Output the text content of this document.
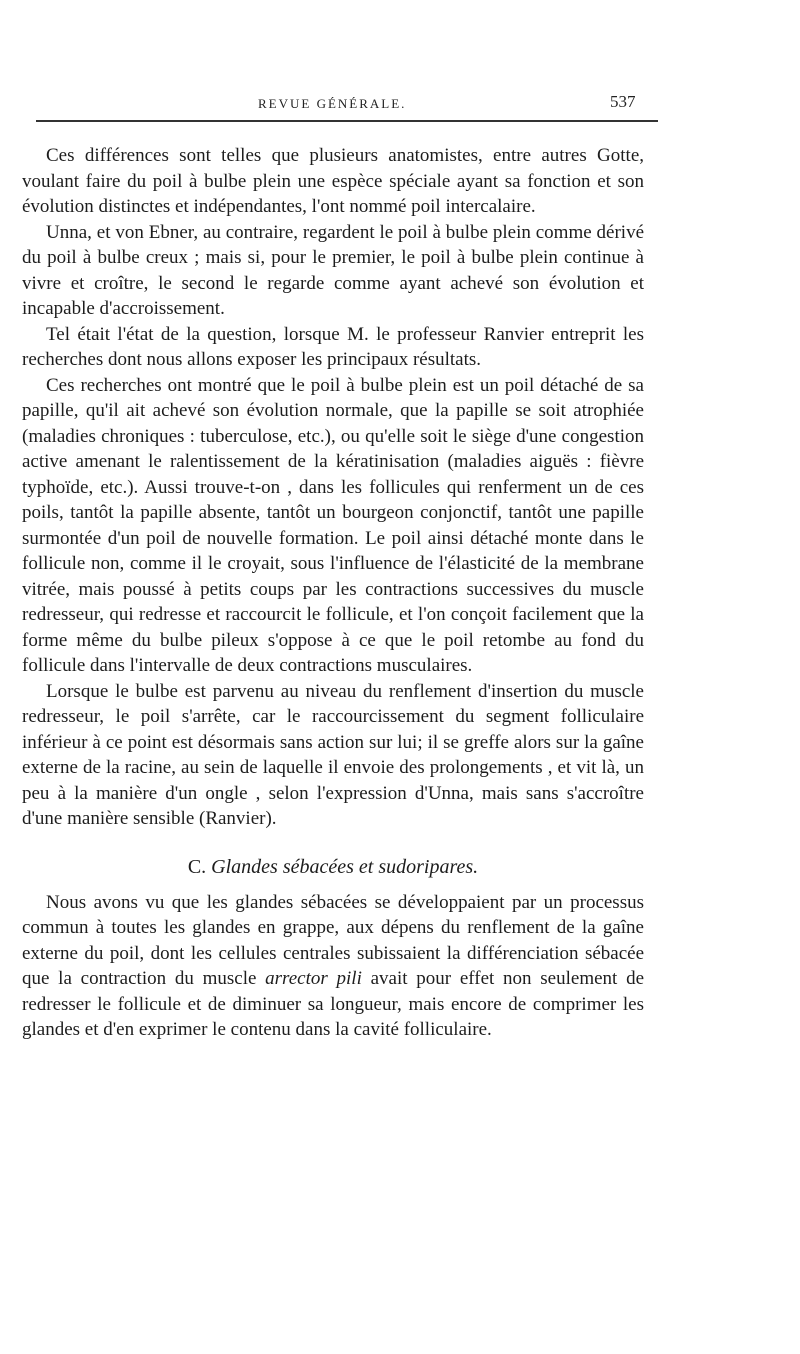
REVUE GÉNÉRALE.	537

Ces différences sont telles que plusieurs anatomistes, entre autres Gotte, voulant faire du poil à bulbe plein une espèce spéciale ayant sa fonction et son évolution distinctes et indépendantes, l'ont nommé poil intercalaire.

Unna, et von Ebner, au contraire, regardent le poil à bulbe plein comme dérivé du poil à bulbe creux ; mais si, pour le premier, le poil à bulbe plein continue à vivre et croître, le second le regarde comme ayant achevé son évolution et incapable d'accroissement.

Tel était l'état de la question, lorsque M. le professeur Ranvier entreprit les recherches dont nous allons exposer les principaux résultats.

Ces recherches ont montré que le poil à bulbe plein est un poil détaché de sa papille, qu'il ait achevé son évolution normale, que la papille se soit atrophiée (maladies chroniques : tuberculose, etc.), ou qu'elle soit le siège d'une congestion active amenant le ralentissement de la kératinisation (maladies aiguës : fièvre typhoïde, etc.). Aussi trouve-t-on , dans les follicules qui renferment un de ces poils, tantôt la papille absente, tantôt un bourgeon conjonctif, tantôt une papille surmontée d'un poil de nouvelle formation. Le poil ainsi détaché monte dans le follicule non, comme il le croyait, sous l'influence de l'élasticité de la membrane vitrée, mais poussé à petits coups par les contractions successives du muscle redresseur, qui redresse et raccourcit le follicule, et l'on conçoit facilement que la forme même du bulbe pileux s'oppose à ce que le poil retombe au fond du follicule dans l'intervalle de deux contractions musculaires.

Lorsque le bulbe est parvenu au niveau du renflement d'insertion du muscle redresseur, le poil s'arrête, car le raccourcissement du segment folliculaire inférieur à ce point est désormais sans action sur lui; il se greffe alors sur la gaîne externe de la racine, au sein de laquelle il envoie des prolongements , et vit là, un peu à la manière d'un ongle , selon l'expression d'Unna, mais sans s'accroître d'une manière sensible (Ranvier).

C. Glandes sébacées et sudoripares.

Nous avons vu que les glandes sébacées se développaient par un processus commun à toutes les glandes en grappe, aux dépens du renflement de la gaîne externe du poil, dont les cellules centrales subissaient la différenciation sébacée que la contraction du muscle arrector pili avait pour effet non seulement de redresser le follicule et de diminuer sa longueur, mais encore de comprimer les glandes et d'en exprimer le contenu dans la cavité folliculaire.
